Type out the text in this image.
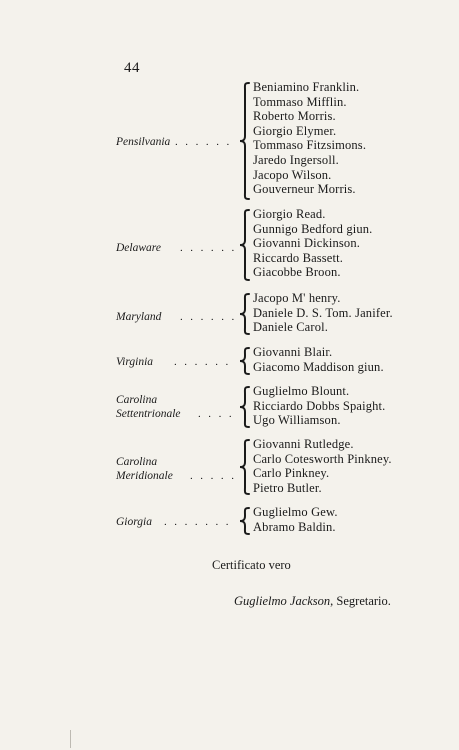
44
Pensilvania . . . . . .
Beniamino Franklin.
Tommaso Mifflin.
Roberto Morris.
Giorgio Elymer.
Tommaso Fitzsimons.
Jaredo Ingersoll.
Jacopo Wilson.
Gouverneur Morris.
Delaware . . . . . .
Giorgio Read.
Gunnigo Bedford giun.
Giovanni Dickinson.
Riccardo Bassett.
Giacobbe Broon.
Maryland . . . . . .
Jacopo M' henry.
Daniele D. S. Tom. Janifer.
Daniele Carol.
Virginia . . . . . .
Giovanni Blair.
Giacomo Maddison giun.
Carolina
Settentrionale . . . .
Guglielmo Blount.
Ricciardo Dobbs Spaight.
Ugo Williamson.
Carolina
Meridionale . . . . .
Giovanni Rutledge.
Carlo Cotesworth Pinkney.
Carlo Pinkney.
Pietro Butler.
Giorgia . . . . . . .
Guglielmo Gew.
Abramo Baldin.
Certificato vero
Guglielmo Jackson, Segretario.
